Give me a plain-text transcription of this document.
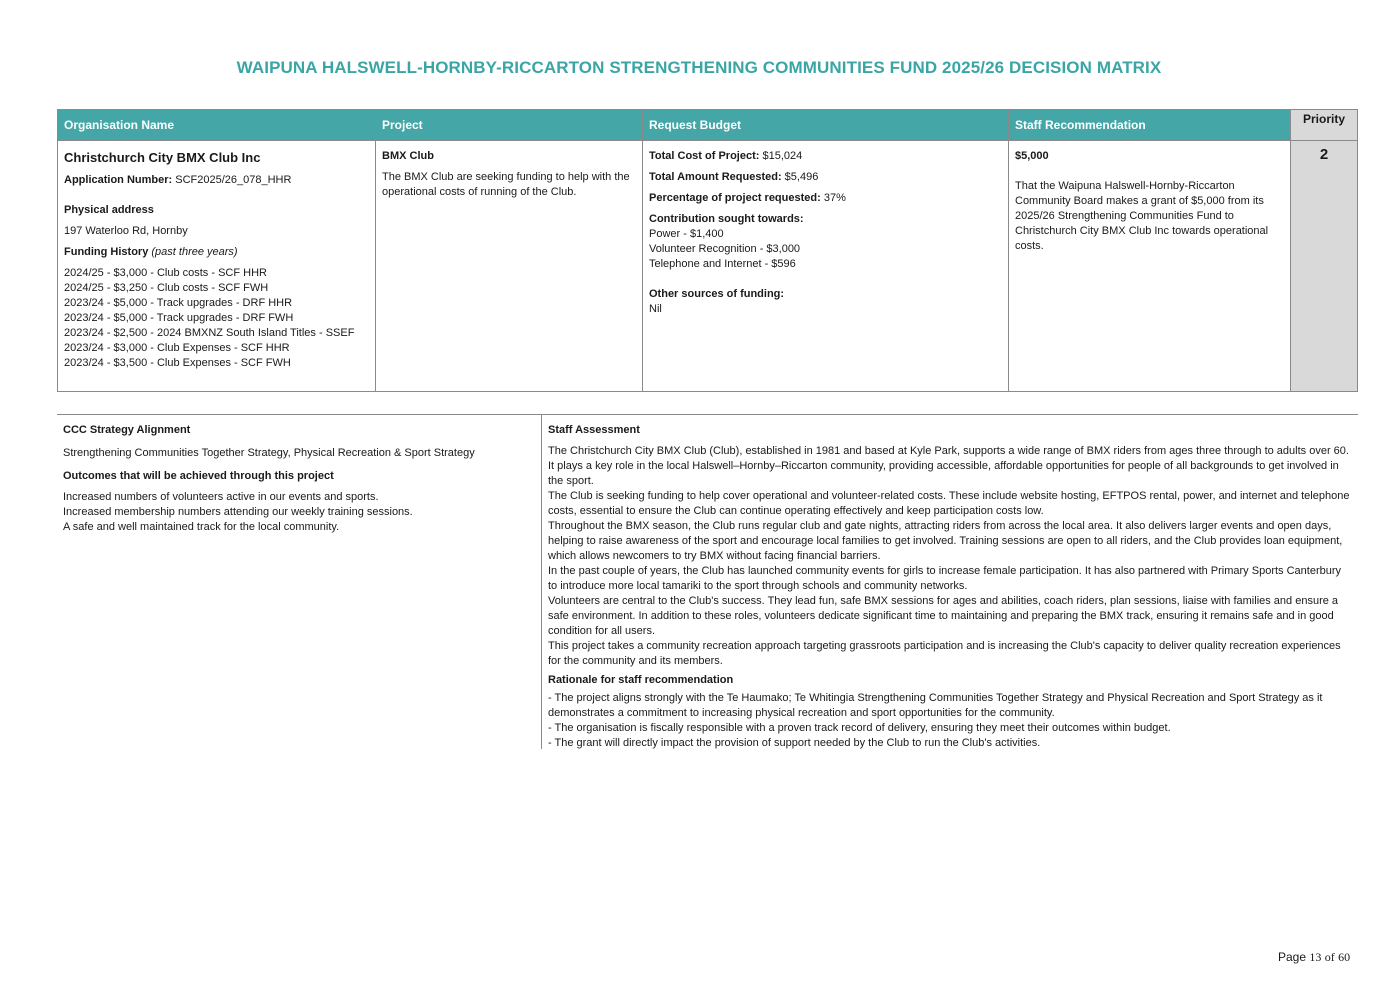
WAIPUNA HALSWELL-HORNBY-RICCARTON STRENGTHENING COMMUNITIES FUND 2025/26 DECISION MATRIX
Organisation Name
Christchurch City BMX Club Inc
Application Number: SCF2025/26_078_HHR
Physical address
197 Waterloo Rd, Hornby
Funding History (past three years)
2024/25 - $3,000 - Club costs - SCF HHR
2024/25 - $3,250 - Club costs - SCF FWH
2023/24 - $5,000 - Track upgrades - DRF HHR
2023/24 - $5,000 - Track upgrades - DRF FWH
2023/24 - $2,500 - 2024 BMXNZ South Island Titles - SSEF
2023/24 - $3,000 - Club Expenses - SCF HHR
2023/24 - $3,500 - Club Expenses - SCF FWH
Project
BMX Club
The BMX Club are seeking funding to help with the operational costs of running of the Club.
Request Budget
Total Cost of Project: $15,024
Total Amount Requested: $5,496
Percentage of project requested: 37%
Contribution sought towards:
Power - $1,400
Volunteer Recognition - $3,000
Telephone and Internet - $596
Other sources of funding:
Nil
Staff Recommendation
$5,000
That the Waipuna Halswell-Hornby-Riccarton Community Board makes a grant of $5,000 from its 2025/26 Strengthening Communities Fund to Christchurch City BMX Club Inc towards operational costs.
Priority
2
CCC Strategy Alignment
Strengthening Communities Together Strategy, Physical Recreation & Sport Strategy
Outcomes that will be achieved through this project
Increased numbers of volunteers active in our events and sports.
Increased membership numbers attending our weekly training sessions.
A safe and well maintained track for the local community.
Staff Assessment

The Christchurch City BMX Club (Club), established in 1981 and based at Kyle Park, supports a wide range of BMX riders from ages three through to adults over 60. It plays a key role in the local Halswell–Hornby–Riccarton community, providing accessible, affordable opportunities for people of all backgrounds to get involved in the sport.

The Club is seeking funding to help cover operational and volunteer-related costs. These include website hosting, EFTPOS rental, power, and internet and telephone costs, essential to ensure the Club can continue operating effectively and keep participation costs low.

Throughout the BMX season, the Club runs regular club and gate nights, attracting riders from across the local area. It also delivers larger events and open days, helping to raise awareness of the sport and encourage local families to get involved. Training sessions are open to all riders, and the Club provides loan equipment, which allows newcomers to try BMX without facing financial barriers.

In the past couple of years, the Club has launched community events for girls to increase female participation. It has also partnered with Primary Sports Canterbury to introduce more local tamariki to the sport through schools and community networks.

Volunteers are central to the Club's success. They lead fun, safe BMX sessions for ages and abilities, coach riders, plan sessions, liaise with families and ensure a safe environment. In addition to these roles, volunteers dedicate significant time to maintaining and preparing the BMX track, ensuring it remains safe and in good condition for all users.

This project takes a community recreation approach targeting grassroots participation and is increasing the Club's capacity to deliver quality recreation experiences for the community and its members.

Rationale for staff recommendation

- The project aligns strongly with the Te Haumako; Te Whitingia Strengthening Communities Together Strategy and Physical Recreation and Sport Strategy as it demonstrates a commitment to increasing physical recreation and sport opportunities for the community.

- The organisation is fiscally responsible with a proven track record of delivery, ensuring they meet their outcomes within budget.

- The grant will directly impact the provision of support needed by the Club to run the Club's activities.

Page 13 of 60
